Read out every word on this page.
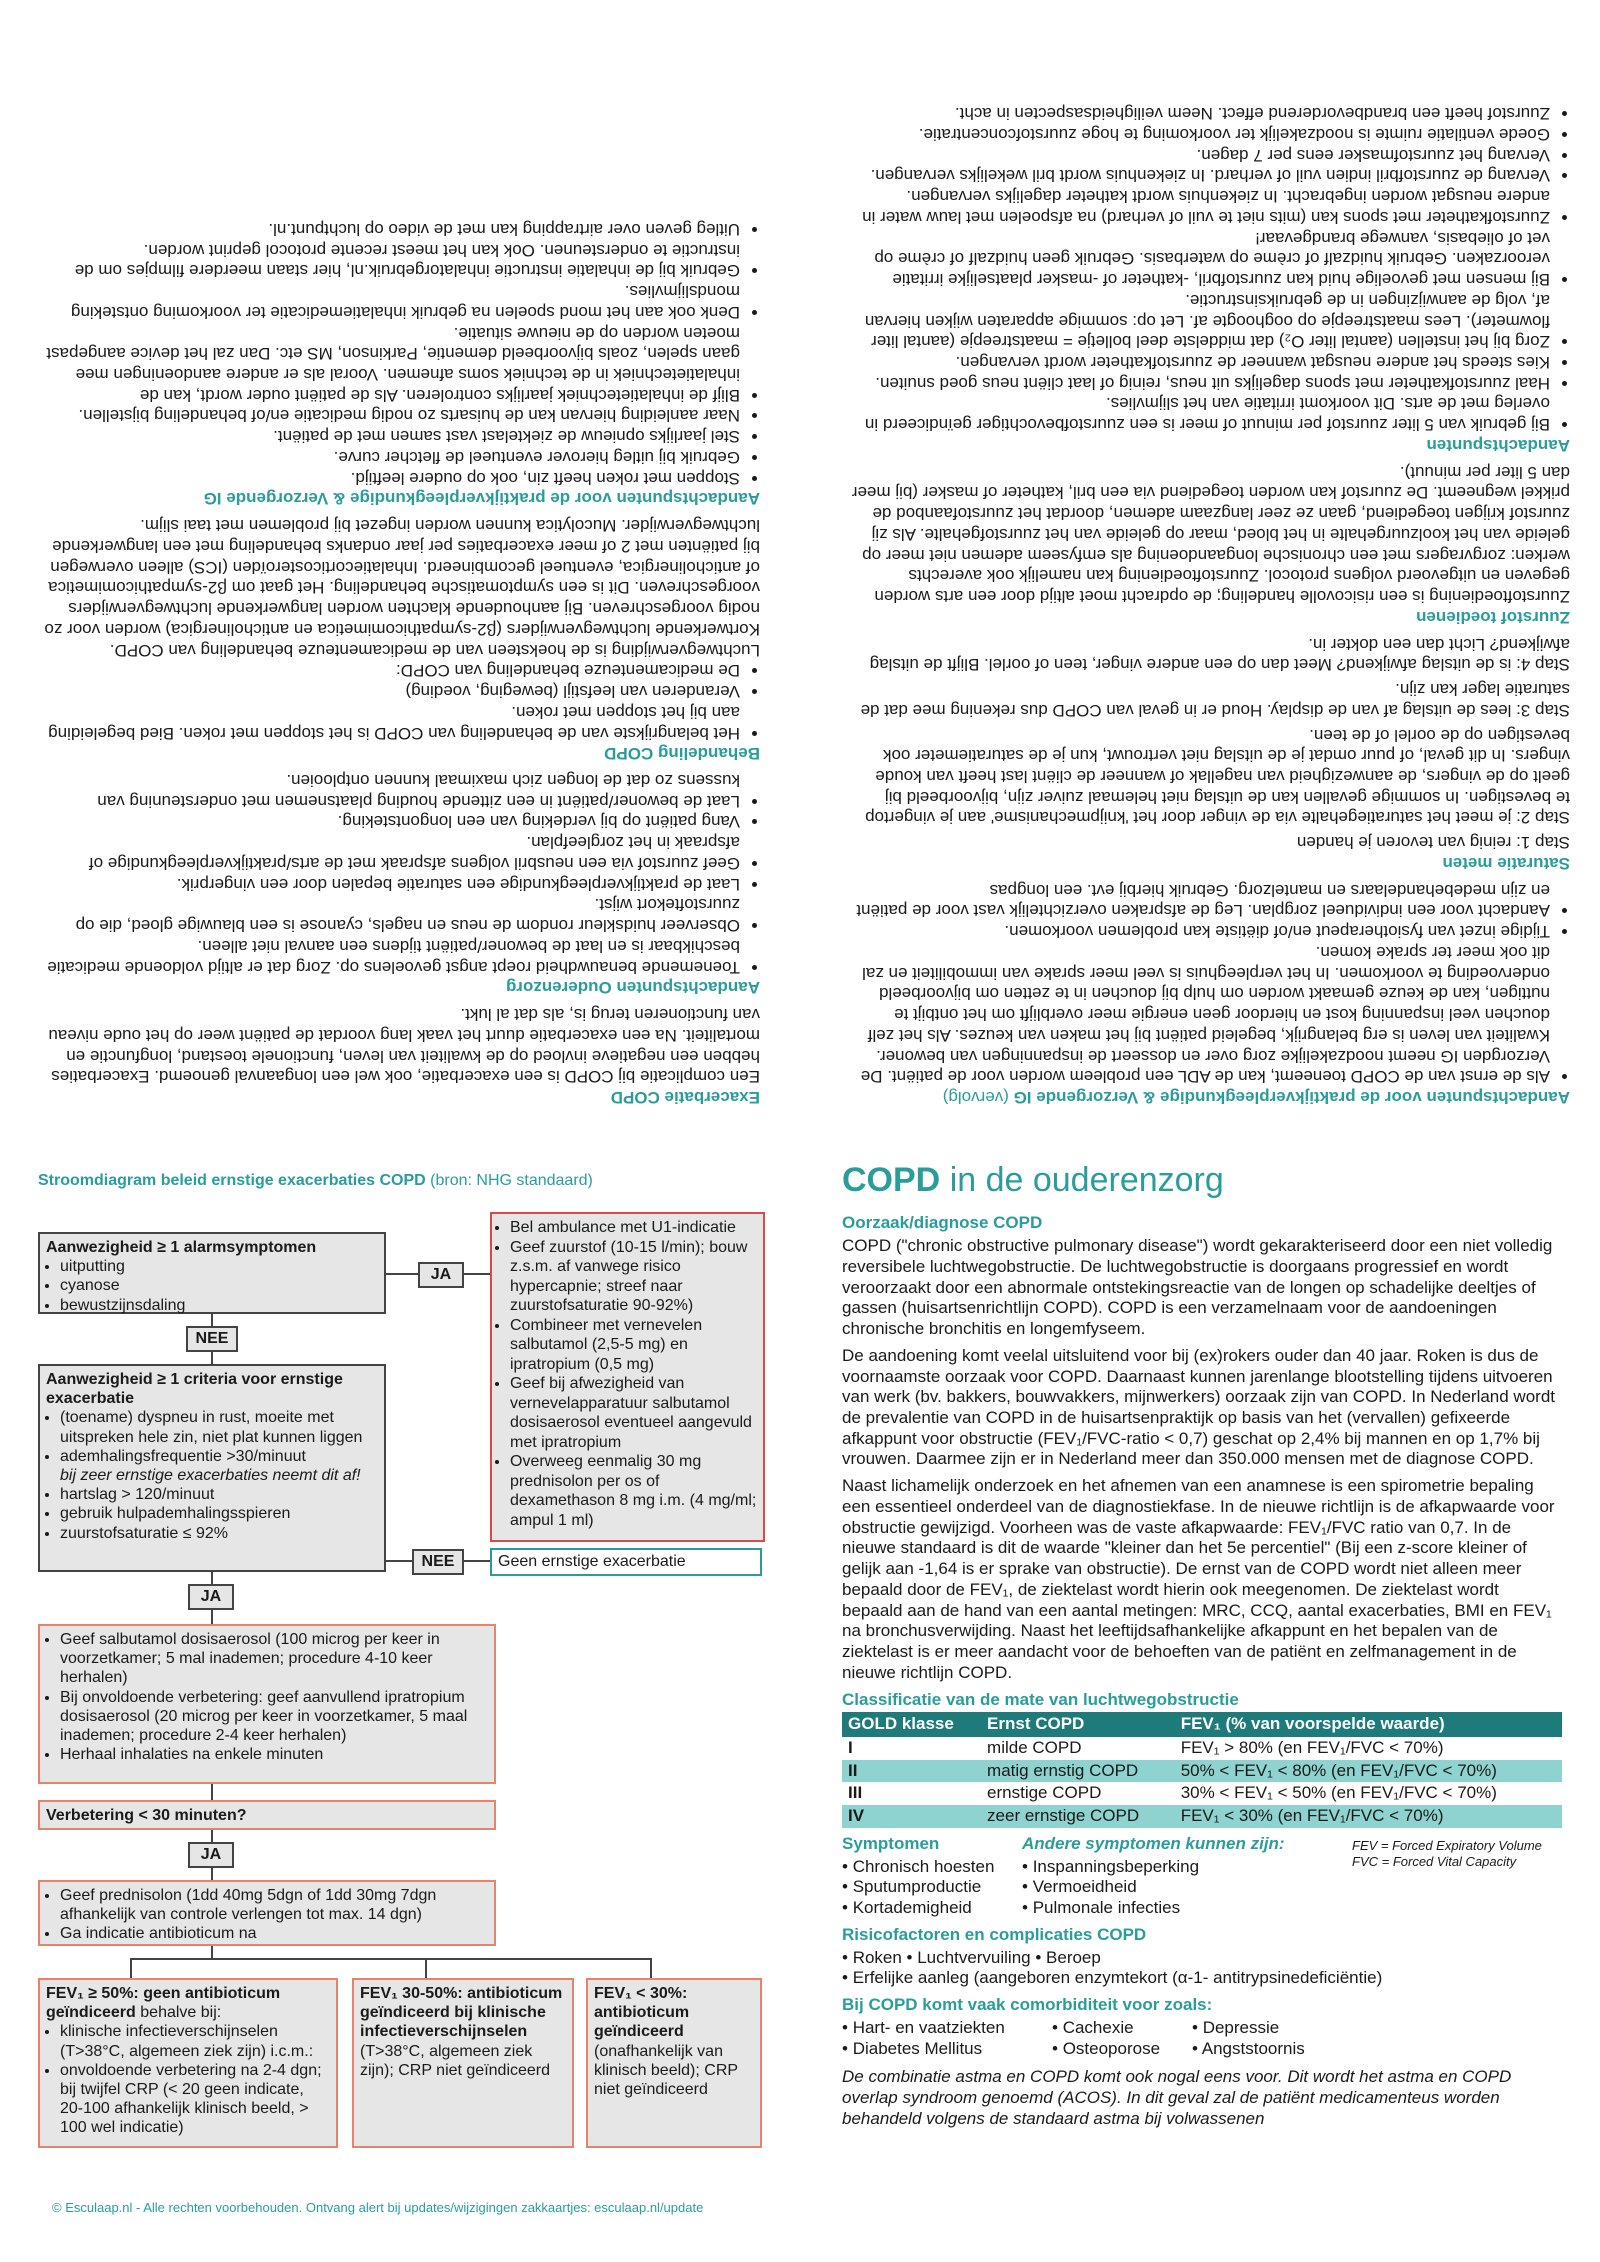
Aandachtspunten voor de praktijkverpleegkundige & Verzorgende IG (vervolg)
• Als de ernst van de COPD toeneemt, kan de ADL een probleem worden voor de patiënt. De Verzorgden IG neemt noodzakelijke zorg over en dosseert de inspanningen van bewoner. Kwaliteit van leven is erg belangrijk, begeleid patiënt bij het maken van keuzes. Als het zelf douchen veel inspanning kost en hierdoor geen energie meer overblijft om het ontbijt te nuttigen, kan de keuze gemaakt worden om hulp bij douchen in te zetten om bijvoorbeeld ondervoeding te voorkomen. In het verpleeghuis is veel meer sprake van immobiliteit en zal dit ook meer ter sprake komen.
• Tijdige inzet van fysiotherapeut en/of diëtiste kan problemen voorkomen.
• Aandacht voor een individueel zorgplan. Leg de afspraken overzichtelijk vast voor de patiënt en zijn medebehandelaars en mantelzorg. Gebruik hierbij evt. een longpas
Saturatie meten

Stap 1: reinig van tevoren je handen

Stap 2: je meet het saturatiegehalte via de vinger door het 'knijpmechanisme' aan je vingertop te bevestigen. In sommige gevallen kan de uitslag niet helemaal zuiver zijn, bijvoorbeeld bij geelt op de vingers, de aanwezigheid van nagellak of wanneer de cliënt last heeft van koude vingers. In dit geval, of puur omdat je de uitslag niet vertrouwt, kun je de saturatiemeter ook bevestigen op de oorlel of de teen.

Stap 3: lees de uitslag af van de display. Houd er in geval van COPD dus rekening mee dat de saturatie lager kan zijn.

Stap 4: is de uitslag afwijkend? Meet dan op een andere vinger, teen of oorlel. Blijft de uitslag afwijkend? Licht dan een dokter in.

Zuurstof toedienen

Zuurstoftoediening is een risicovolle handeling; de opdracht moet altijd door een arts worden gegeven en uitgevoerd volgens protocol. Zuurstoftoediening kan namelijk ook averechts werken: zorgvragers met een chronische longaandoening als emfyseem ademen niet meer op geleide van het koolzuurgehalte in het bloed, maar op geleide van het zuurstofgehalte. Als zij zuurstof krijgen toegediend, gaan ze zeer langzaam ademen, doordat het zuurstofaanbod de prikkel wegneemt. De zuurstof kan worden toegediend via een bril, katheter of masker (bij meer dan 5 liter per minuut).

Aandachtspunten
• Bij gebruik van 5 liter zuurstof per minuut of meer is een zuurstofbevochtiger geïndiceerd in overleg met de arts. Dit voorkomt irritatie van het slijmvlies.
• Haal zuurstofkatheter met spons dagelijks uit neus, reinig of laat cliënt neus goed snuiten.
• Kies steeds het andere neusgat wanneer de zuurstofkatheter wordt vervangen.
• Zorg bij het instellen (aantal liter O₂) dat middelste deel bolletje = maatstreepje (aantal liter flowmeter). Lees maatstreepje op ooghoogte af. Let op: sommige apparaten wijken hiervan af, volg de aanwijzingen in de gebruiksinstructie.
• Bij mensen met gevoelige huid kan zuurstofbril, -katheter of -masker plaatselijke irritatie veroorzaken. Gebruik huidzalf of crème op waterbasis. Gebruik geen huidzalf of crème op vet of oliebasis, vanwege brandgevaar!
• Zuurstofkatheter met spons kan (mits niet te vuil of verhard) na afspoelen met lauw water in andere neusgat worden ingebracht. In ziekenhuis wordt katheter dagelijks vervangen.
• Vervang de zuurstofbril indien vuil of verhard. In ziekenhuis wordt bril wekelijks vervangen.
• Vervang het zuurstofmasker eens per 7 dagen.
• Goede ventilatie ruimte is noodzakelijk ter voorkoming te hoge zuurstofconcentratie.
• Zuurstof heeft een brandbevorderend effect. Neem veiligheidsaspecten in acht.
Exacerbatie COPD

Een complicatie bij COPD is een exacerbatie, ook wel een longaanval genoemd. Exacerbaties hebben een negatieve invloed op de kwaliteit van leven, functionele toestand, longfunctie en mortaliteit. Na een exacerbatie duurt het vaak lang voordat de patiënt weer op het oude niveau van functioneren terug is, als dat al lukt.

Aandachtspunten Ouderenzorg
• Toenemende benauwdheid roept angst gevoelens op. Zorg dat er altijd voldoende medicatie beschikbaar is en laat de bewoner/patiënt tijdens een aanval niet alleen.
• Observeer huidskleur rondom de neus en nagels, cyanose is een blauwige gloed, die op zuurstoftekort wijst.
• Laat de praktijkverpleegkundige een saturatie bepalen door een vingerprik.
• Geef zuurstof via een neusbril volgens afspraak met de arts/praktijkverpleegkundige of afspraak in het zorgleefplan.
• Vang patiënt op bij verdeking van een longontsteking.
• Laat de bewoner/patiënt in een zittende houding plaatsnemen met ondersteuning van kussens zo dat de longen zich maximaal kunnen ontplooien.
Behandeling COPD
• Het belangrijkste van de behandeling van COPD is het stoppen met roken. Bied begeleiding aan bij het stoppen met roken.
• Veranderen van leefstijl (beweging, voeding)
• De medicamenteuze behandeling van COPD:

Luchtwegverwijding is de hoeksteen van de medicamenteuze behandeling van COPD. Kortwerkende luchtwegverwijders (β2-sympathicomimetica en anticholinergica) worden voor zo nodig voorgeschreven. Bij aanhoudende klachten worden langwerkende luchtwegverwijders voorgeschreven. Dit is een symptomatische behandeling. Het gaat om β2-sympathicomimetica of anticholinergica, eventueel gecombineerd. Inhalatiecorticosteroïden (ICS) alleen overwegen bij patiënten met 2 of meer exacerbaties per jaar ondanks behandeling met een langwerkende luchtwegverwijder. Mucolytica kunnen worden ingezet bij problemen met taai slijm.

Aandachtspunten voor de praktijkverpleegkundige & Verzorgende IG
• Stoppen met roken heeft zin, ook op oudere leeftijd.
• Gebruik bij uitleg hierover eventueel de fletcher curve.
• Stel jaarlijks opnieuw de ziektelast vast samen met de patiënt.
• Naar aanleiding hiervan kan de huisarts zo nodig medicatie en/of behandeling bijstellen.
• Blijf de inhalatietechniek jaarlijks controleren. Als de patiënt ouder wordt, kan de inhalatietechniek in de techniek soms afnemen. Vooral als er andere aandoeningen mee gaan spelen, zoals bijvoorbeeld dementie, Parkinson, MS etc. Dan zal het device aangepast moeten worden op de nieuwe situatie.
• Denk ook aan het mond spoelen na gebruik inhalatiemedicatie ter voorkoming ontsteking mondslijmvlies.
• Gebruik bij de inhalatie instructie inhalatorgebruik.nl, hier staan meerdere filmpjes om de instructie te ondersteunen. Ook kan het meest recente protocol geprint worden.
• Uitleg geven over airtrapping kan met de video op luchtpunt.nl.
Stroomdiagram beleid ernstige exacerbaties COPD (bron: NHG standaard)
Aanwezigheid ≥ 1 alarmsymptomen
• uitputting
• cyanose
• bewustzijnsdaling
JA
• Bel ambulance met U1-indicatie
• Geef zuurstof (10-15 l/min); bouw z.s.m. af vanwege risico hypercapnie; streef naar zuurstofsaturatie 90-92%)
• Combineer met vernevelen salbutamol (2,5-5 mg) en ipratropium (0,5 mg)
• Geef bij afwezigheid van vernevelapparatuur salbutamol dosisaerosol eventueel aangevuld met ipratropium
• Overweeg eenmalig 30 mg prednisolon per os of dexamethason 8 mg i.m. (4 mg/ml; ampul 1 ml)
NEE
Aanwezigheid ≥ 1 criteria voor ernstige exacerbatie
• (toename) dyspneu in rust, moeite met uitspreken hele zin, niet plat kunnen liggen
• ademhalingsfrequentie >30/minuut
bij zeer ernstige exacerbaties neemt dit af!
• hartslag > 120/minuut
• gebruik hulpademhalingsspieren
• zuurstofsaturatie ≤ 92%
NEE	Geen ernstige exacerbatie
JA
• Geef salbutamol dosisaerosol (100 microg per keer in voorzetkamer; 5 mal inademen; procedure 4-10 keer herhalen)
• Bij onvoldoende verbetering: geef aanvullend ipratropium dosisaerosol (20 microg per keer in voorzetkamer, 5 maal inademen; procedure 2-4 keer herhalen)
• Herhaal inhalaties na enkele minuten
Verbetering < 30 minuten?
JA
• Geef prednisolon (1dd 40mg 5dgn of 1dd 30mg 7dgn afhankelijk van controle verlengen tot max. 14 dgn)
• Ga indicatie antibioticum na
FEV₁ ≥ 50%: geen antibioticum geïndiceerd behalve bij:
• klinische infectieverschijnselen (T>38°C, algemeen ziek zijn) i.c.m.:
• onvoldoende verbetering na 2-4 dgn; bij twijfel CRP (< 20 geen indicate, 20-100 afhankelijk klinisch beeld, > 100 wel indicatie)
FEV₁ 30-50%: antibioticum geïndiceerd bij klinische infectieverschijnselen
(T>38°C, algemeen ziek zijn); CRP niet geïndiceerd
FEV₁ < 30%: antibioticum geïndiceerd
(onafhankelijk van klinisch beeld); CRP niet geïndiceerd
© Esculaap.nl - Alle rechten voorbehouden. Ontvang alert bij updates/wijzigingen zakkaartjes: esculaap.nl/update
COPD in de ouderenzorg
Oorzaak/diagnose COPD

COPD ("chronic obstructive pulmonary disease") wordt gekarakteriseerd door een niet volledig reversibele luchtwegobstructie. De luchtwegobstructie is doorgaans progressief en wordt veroorzaakt door een abnormale ontstekingsreactie van de longen op schadelijke deeltjes of gassen (huisartsenrichtlijn COPD). COPD is een verzamelnaam voor de aandoeningen chronische bronchitis en longemfyseem.

De aandoening komt veelal uitsluitend voor bij (ex)rokers ouder dan 40 jaar. Roken is dus de voornaamste oorzaak voor COPD. Daarnaast kunnen jarenlange blootstelling tijdens uitvoeren van werk (bv. bakkers, bouwvakkers, mijnwerkers) oorzaak zijn van COPD. In Nederland wordt de prevalentie van COPD in de huisartsenpraktijk op basis van het (vervallen) gefixeerde afkappunt voor obstructie (FEV₁/FVC-ratio < 0,7) geschat op 2,4% bij mannen en op 1,7% bij vrouwen. Daarmee zijn er in Nederland meer dan 350.000 mensen met de diagnose COPD.

Naast lichamelijk onderzoek en het afnemen van een anamnese is een spirometrie bepaling een essentieel onderdeel van de diagnostiekfase. In de nieuwe richtlijn is de afkapwaarde voor obstructie gewijzigd. Voorheen was de vaste afkapwaarde: FEV₁/FVC ratio van 0,7. In de nieuwe standaard is dit de waarde "kleiner dan het 5e percentiel" (Bij een z-score kleiner of gelijk aan -1,64 is er sprake van obstructie). De ernst van de COPD wordt niet alleen meer bepaald door de FEV₁, de ziektelast wordt hierin ook meegenomen. De ziektelast wordt bepaald aan de hand van een aantal metingen: MRC, CCQ, aantal exacerbaties, BMI en FEV₁ na bronchusverwijding. Naast het leeftijdsafhankelijke afkappunt en het bepalen van de ziektelast is er meer aandacht voor de behoeften van de patiënt en zelfmanagement in de nieuwe richtlijn COPD.

Classificatie van de mate van luchtwegobstructie
GOLD klasse	Ernst COPD	FEV₁ (% van voorspelde waarde)
I	milde COPD	FEV₁ > 80% (en FEV₁/FVC < 70%)
II	matig ernstig COPD	50% < FEV₁ < 80% (en FEV₁/FVC < 70%)
III	ernstige COPD	30% < FEV₁ < 50% (en FEV₁/FVC < 70%)
IV	zeer ernstige COPD	FEV₁ < 30% (en FEV₁/FVC < 70%)
Symptomen
• Chronisch hoesten
• Sputumproductie
• Kortademigheid
Andere symptomen kunnen zijn:
• Inspanningsbeperking
• Vermoeidheid
• Pulmonale infecties
FEV = Forced Expiratory Volume
FVC = Forced Vital Capacity
Risicofactoren en complicaties COPD
• Roken • Luchtvervuiling • Beroep
• Erfelijke aanleg (aangeboren enzymtekort (α-1- antitrypsinedeficiëntie)
Bij COPD komt vaak comorbiditeit voor zoals:
• Hart- en vaatziekten
• Diabetes Mellitus
• Cachexie
• Osteoporose
• Depressie
• Angststoornis

De combinatie astma en COPD komt ook nogal eens voor. Dit wordt het astma en COPD overlap syndroom genoemd (ACOS). In dit geval zal de patiënt medicamenteus worden behandeld volgens de standaard astma bij volwassenen
